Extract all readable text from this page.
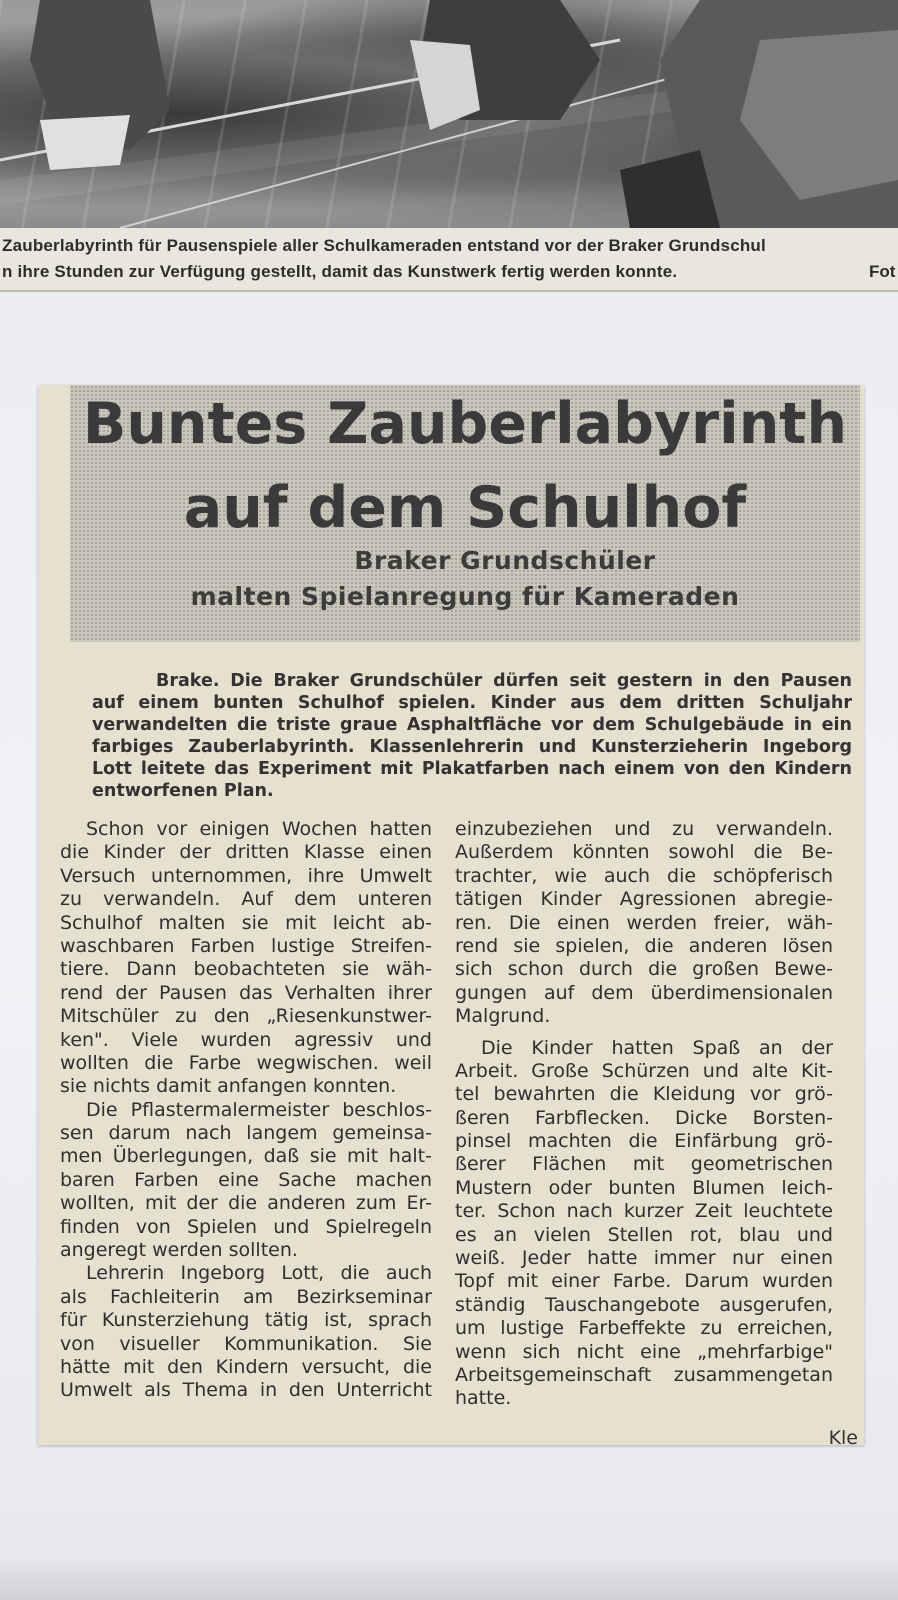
Zauberlabyrinth für Pausenspiele aller Schulkameraden entstand vor der Braker Grundschul
n ihre Stunden zur Verfügung gestellt, damit das Kunstwerk fertig werden konnte.	Fot
Buntes Zauberlabyrinth
auf dem Schulhof
Braker Grundschüler
malten Spielanregung für Kameraden
Brake. Die Braker Grundschüler dürfen seit gestern in den Pausen
auf einem bunten Schulhof spielen. Kinder aus dem dritten Schuljahr
verwandelten die triste graue Asphaltfläche vor dem Schulgebäude in ein
farbiges Zauberlabyrinth. Klassenlehrerin und Kunsterzieherin Ingeborg
Lott leitete das Experiment mit Plakatfarben nach einem von den Kindern
entworfenen Plan.
Schon vor einigen Wochen hatten
die Kinder der dritten Klasse einen
Versuch unternommen, ihre Umwelt
zu verwandeln. Auf dem unteren
Schulhof malten sie mit leicht ab-
waschbaren Farben lustige Streifen-
tiere. Dann beobachteten sie wäh-
rend der Pausen das Verhalten ihrer
Mitschüler zu den „Riesenkunstwer-
ken". Viele wurden agressiv und
wollten die Farbe wegwischen. weil
sie nichts damit anfangen konnten.
Die Pflastermalermeister beschlos-
sen darum nach langem gemeinsa-
men Überlegungen, daß sie mit halt-
baren Farben eine Sache machen
wollten, mit der die anderen zum Er-
finden von Spielen und Spielregeln
angeregt werden sollten.
Lehrerin Ingeborg Lott, die auch
als Fachleiterin am Bezirkseminar
für Kunsterziehung tätig ist, sprach
von visueller Kommunikation. Sie
hätte mit den Kindern versucht, die
Umwelt als Thema in den Unterricht
einzubeziehen und zu verwandeln.
Außerdem könnten sowohl die Be-
trachter, wie auch die schöpferisch
tätigen Kinder Agressionen abregie-
ren. Die einen werden freier, wäh-
rend sie spielen, die anderen lösen
sich schon durch die großen Bewe-
gungen auf dem überdimensionalen
Malgrund.
Die Kinder hatten Spaß an der
Arbeit. Große Schürzen und alte Kit-
tel bewahrten die Kleidung vor grö-
ßeren Farbflecken. Dicke Borsten-
pinsel machten die Einfärbung grö-
ßerer Flächen mit geometrischen
Mustern oder bunten Blumen leich-
ter. Schon nach kurzer Zeit leuchtete
es an vielen Stellen rot, blau und
weiß. Jeder hatte immer nur einen
Topf mit einer Farbe. Darum wurden
ständig Tauschangebote ausgerufen,
um lustige Farbeffekte zu erreichen,
wenn sich nicht eine „mehrfarbige"
Arbeitsgemeinschaft zusammengetan
hatte.
Kle
